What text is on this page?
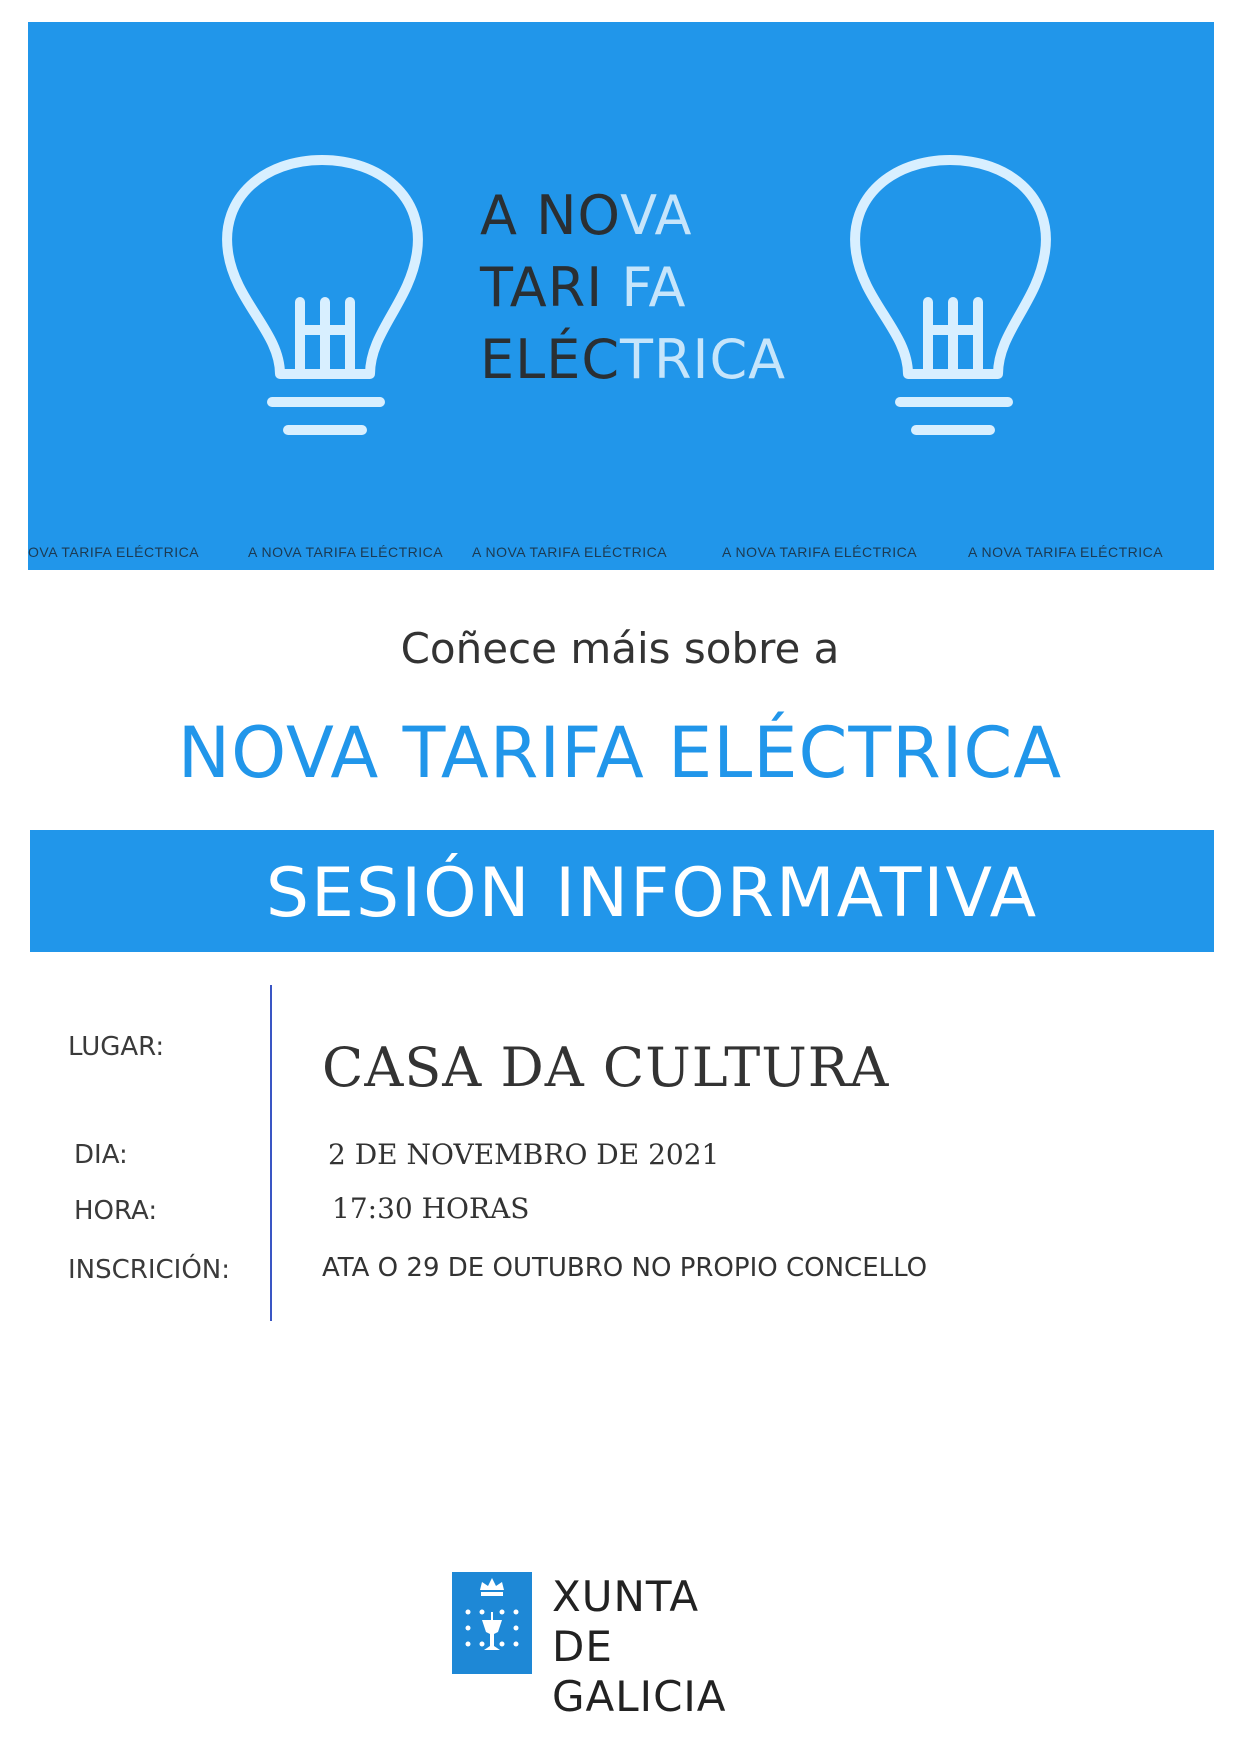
A NOVA
TARI FA
ELÉCTRICA
OVA TARIFA ELÉCTRICA	A NOVA TARIFA ELÉCTRICA A NOVA TARIFA ELÉCTRICA	A NOVA TARIFA ELÉCTRICA	A NOVA TARIFA ELÉCTRICA
Coñece máis sobre a
NOVA TARIFA ELÉCTRICA
SESIÓN INFORMATIVA
LUGAR:	CASA DA CULTURA
DIA:	2 DE NOVEMBRO DE 2021
HORA:	17:30 HORAS
INSCRICIÓN:	ATA O 29 DE OUTUBRO NO PROPIO CONCELLO
XUNTA
DE GALICIA
